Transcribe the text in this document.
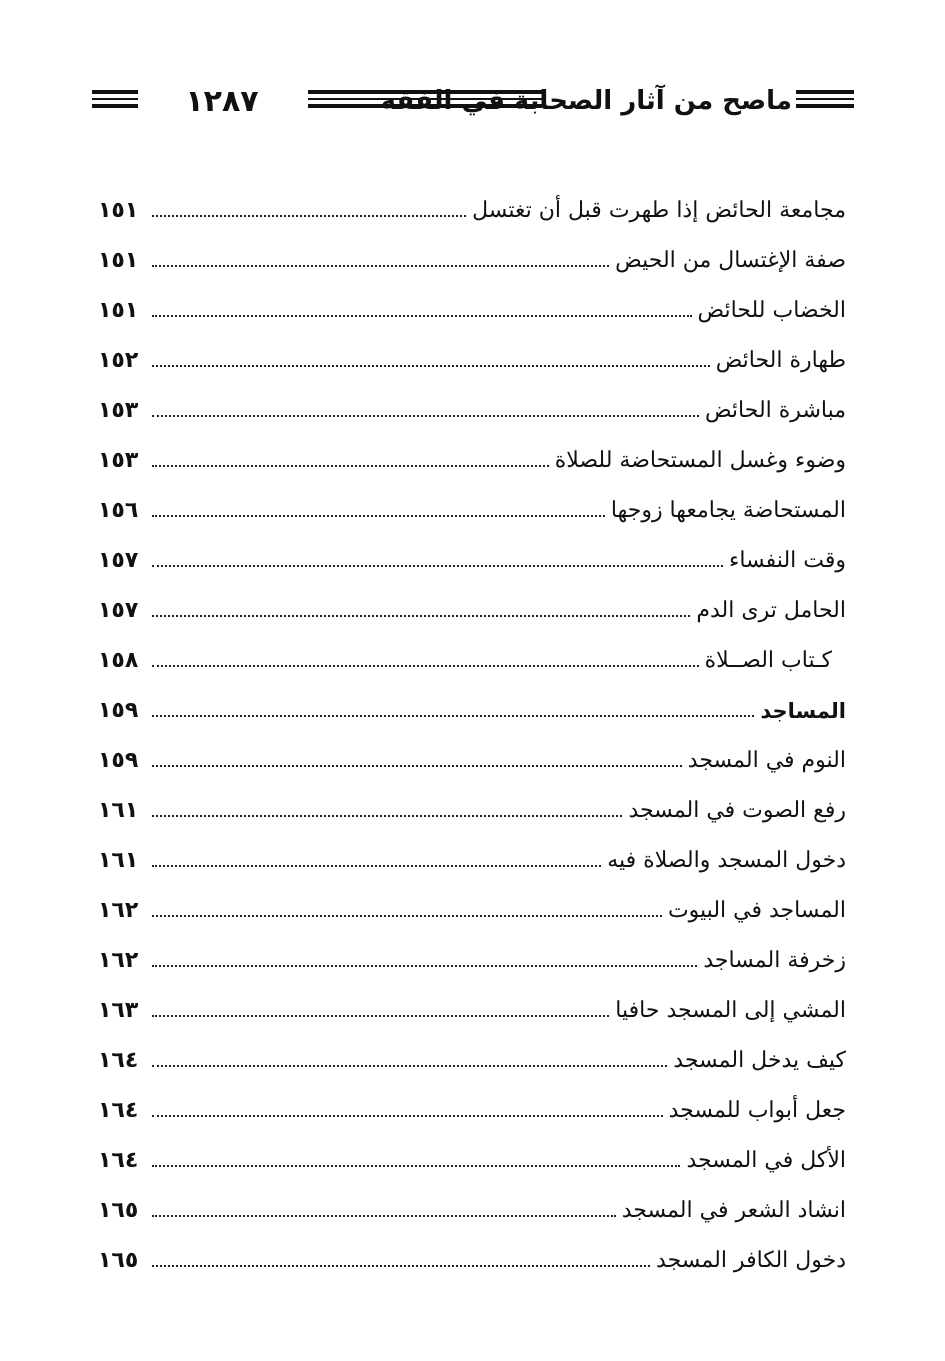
١٢٨٧	ماصح من آثار الصحابة في الفقه
مجامعة الحائض إذا طهرت قبل أن تغتسل
١٥١
صفة الإغتسال من الحيض
١٥١
الخضاب للحائض
١٥١
طهارة الحائض
١٥٢
مباشرة الحائض
١٥٣
وضوء وغسل المستحاضة للصلاة
١٥٣
المستحاضة يجامعها زوجها
١٥٦
وقت النفساء
١٥٧
الحامل ترى الدم
١٥٧
كـتاب الصــلاة
١٥٨
المساجد
١٥٩
النوم في المسجد
١٥٩
رفع الصوت في المسجد
١٦١
دخول المسجد والصلاة فيه
١٦١
المساجد في البيوت
١٦٢
زخرفة المساجد
١٦٢
المشي إلى المسجد حافيا
١٦٣
كيف يدخل المسجد
١٦٤
جعل أبواب للمسجد
١٦٤
الأكل في المسجد
١٦٤
انشاد الشعر في المسجد
١٦٥
دخول الكافر المسجد
١٦٥
